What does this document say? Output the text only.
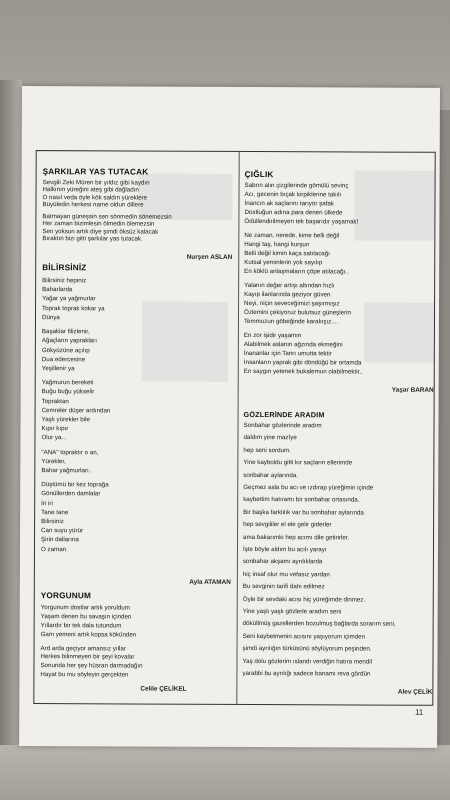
ŞARKILAR YAS TUTACAK
Sevgili Zeki Müren bir yıldız gibi kaydın
Halkının yüreğini ateş gibi dağladın
O nasıl veda öyle kök saldın yüreklere
Büyüledin herkesi name oldun dillere
Batmayan güneşsin sen sönmedin sönemezsin
Her zaman bizimlesin ölmedin ölemezsin
Sen yoksun artık diye şimdi öksüz kalacak
Bıraktın bizi gitti şarkılar yas tutacak.
Nurşen ASLAN
BİLİRSİNİZ
Bilirsiniz hepiniz
Baharlarda
Yağar ya yağmurlar
Toprak toprak kokar ya
Dünya
Başaklar filizlenir,
Ağaçların yaprakları
Gökyüzüne açılıp
Dua edercesine
Yeşillenir ya
Yağmurun bereketi
Buğu buğu yükselir
Topraktan
Cemreler düşer ardından
Yaşlı yürekler bile
Kıpır kıpır
Olur ya...
"ANA" topraktır o an,
Yürekler,
Bahar yağmurları..
Düştümü bir kez toprağa
Gönüllerden damlalar
İri iri
Tane tane
Bilirsiniz
Can suyu yürür
Şirin dallarına
O zaman.
Ayla ATAMAN
YORGUNUM
Yorgunum dostlar artık yoruldum
Yaşam denen bu savaşın içinden
Yıllardır bir tek dala tutundum
Gam yemeni artık kopsa kökünden
Ard arda geçiyor amansız yıllar
Herkes bilinmeyen bir şeyi kovalar
Sonunda her şey hüsran darmadağın
Hayat bu mu söyleyin gerçekten
Celile ÇELİKEL
ÇIĞLIK
Sabrın alın çizgilerinde gömülü sevinç
Acı, gecenin bıçak kirpiklerine takılı
İnancın ak saçlarını tarıyor şafak
Dostluğun adına para denen ülkede
Ödüllendirilmeyen tek başarıdır yaşamak!
Ne zaman, nerede, kime belli değil
Hangi taş, hangi kurşun
Belli değil kimin kaça satılacağı
Kutsal yeminlerin yok sayılıp
En köklü anlaşmaların çöpe atılacağı..
Yalanın değer artışı altından hızlı
Kayıp ilanlarında geziyor güven
Neyi, niçin seveceğimizi şaşırmışız
Özlemini çekiyoruz bulutsuz güneşlerin
Temmuzun göbeğinde karakışız....
En zor işidir yaşamın
Alabilmek aslanın ağzında ekmeğini
İnananlar için Tanrı umutta tektir
İnsanların yaprak gibi döndüğü bir ortamda
En saygın yetenek bukalemun olabilmektir..
Yaşar BARAN
GÖZLERİNDE ARADIM
Sonbahar gözlerinde aradım
daldım yine mazîye
hep seni sordum.
Yine kayboldu gitti kır saçların ellerimde
sonbahar aylarında.
Geçmez asla bu acı ve ızdırap yüreğimin içinde
kaybettim hatıramı bir sonbahar ortasında.
Bir başka farklılık var bu sonbahar aylarında
hep sevgililer el ele gelir giderler
ama bakarımki hep acımı dile getirirler.
İşte böyle aldım bu acılı yarayı
sonbahar akşamı ayrılıklarda
hiç insaf olur mu vefasız yardan
Bu sevginin tarifi dahi edilmez
Öyle bir sevdaki acısı hiç yüreğimde dinmez.
Yine yaşlı yaşlı gözlerle aradım seni
döküllmüş gazellerden bozulmuş bağlarda sorarım seni,
Seni kaybetmenin acısını yaşıyorum içimden
şimdi ayrılığın türküsünü söylüyorum peşinden.
Yaş dolu gözlerim ıslandı verdiğin hatıra mendil
yarabbi bu ayrılığı sadece banamı reva gördün
Alev ÇELİK
11
